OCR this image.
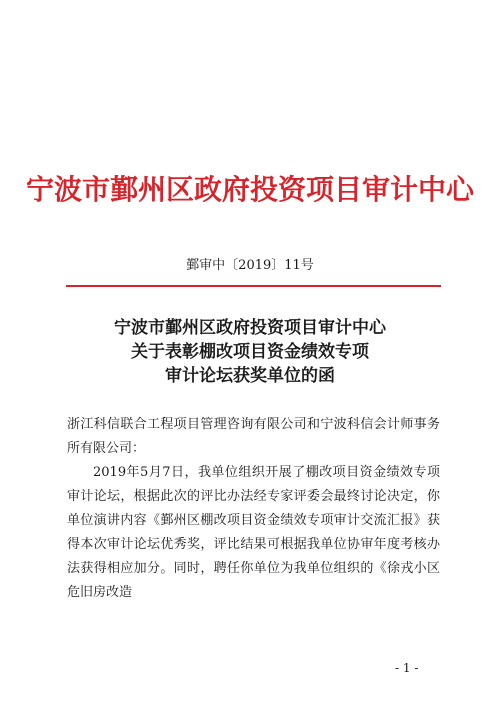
宁波市鄞州区政府投资项目审计中心
鄞审中〔2019〕11号
宁波市鄞州区政府投资项目审计中心
关于表彰棚改项目资金绩效专项
审计论坛获奖单位的函
浙江科信联合工程项目管理咨询有限公司和宁波科信会计师事务所有限公司：
2019年5月7日，我单位组织开展了棚改项目资金绩效专项审计论坛，根据此次的评比办法经专家评委会最终讨论决定，你单位演讲内容《鄞州区棚改项目资金绩效专项审计交流汇报》获得本次审计论坛优秀奖，评比结果可根据我单位协审年度考核办法获得相应加分。同时，聘任你单位为我单位组织的《徐戎小区危旧房改造
- 1 -
